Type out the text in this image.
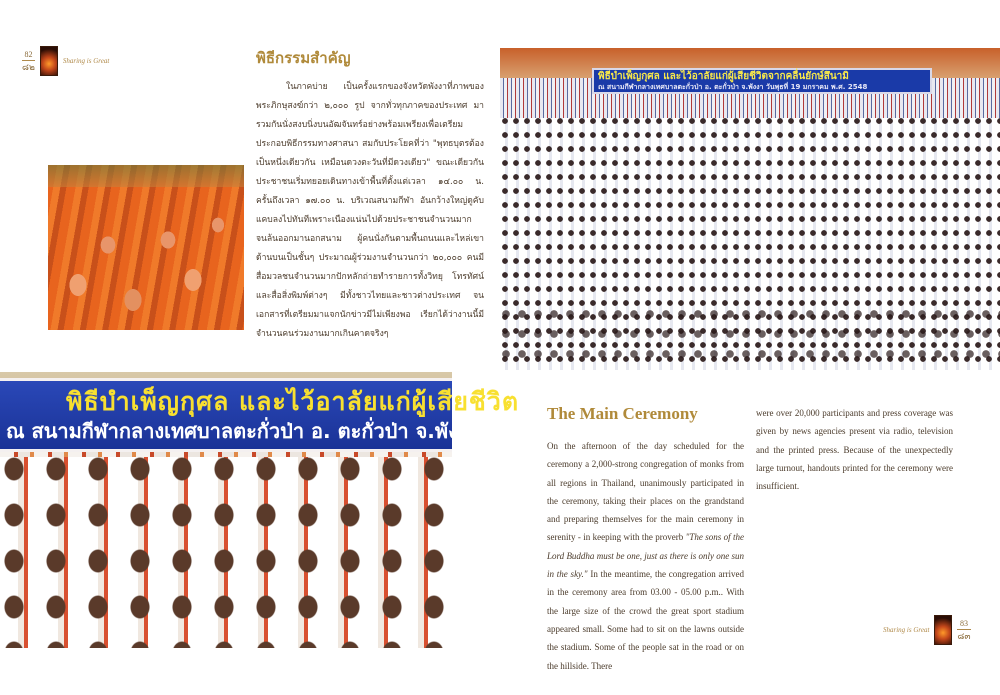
82
๘๒
Sharing is Great	พิธีกรรมสำคัญ

ในภาคบ่าย เป็นครั้งแรกของจังหวัดพังงาที่ภาพของพระภิกษุสงฆ์กว่า ๒,๐๐๐ รูป จากทั่วทุกภาคของประเทศ มารวมกันนั่งสงบนิ่งบนอัฒจันทร์อย่างพร้อมเพรียงเพื่อเตรียมประกอบพิธีกรรมทางศาสนา สมกับประโยคที่ว่า "พุทธบุตรต้องเป็นหนึ่งเดียวกัน เหมือนดวงตะวันที่มีดวงเดียว" ขณะเดียวกันประชาชนเริ่มทยอยเดินทางเข้าพื้นที่ตั้งแต่เวลา ๑๔.๐๐ น. ครั้นถึงเวลา ๑๗.๐๐ น. บริเวณสนามกีฬา อันกว้างใหญ่ดูคับแคบลงไปทันทีเพราะเนืองแน่นไปด้วยประชาชนจำนวนมาก จนล้นออกมานอกสนาม ผู้คนนั่งกันตามพื้นถนนและไหล่เขาด้านบนเป็นชั้นๆ ประมาณผู้ร่วมงานจำนวนกว่า ๒๐,๐๐๐ คนมีสื่อมวลชนจำนวนมากปักหลักถ่ายทำรายการทั้งวิทยุ โทรทัศน์ และสื่อสิ่งพิมพ์ต่างๆ มีทั้งชาวไทยและชาวต่างประเทศ จนเอกสารที่เตรียมมาแจกนักข่าวมีไม่เพียงพอ เรียกได้ว่างานนี้มีจำนวนคนร่วมงานมากเกินคาดจริงๆ

พิธีบำเพ็ญกุศล และไว้อาลัยแก่ผู้เสียชีวิต
ณ สนามกีฬากลางเทศบาลตะกั่วป่า อ. ตะกั่วป่า จ.พังงา วั
พิธีบำเพ็ญกุศล และไว้อาลัยแก่ผู้เสียชีวิตจากคลื่นยักษ์สึนามิ
ณ สนามกีฬากลางเทศบาลตะกั่วป่า อ. ตะกั่วป่า จ.พังงา วันพุธที่ 19 มกราคม พ.ศ. 2548
The Main Ceremony
On the afternoon of the day scheduled for the ceremony a 2,000-strong congregation of monks from all regions in Thailand, unanimously participated in the ceremony, taking their places on the grandstand and preparing themselves for the main ceremony in serenity - in keeping with the proverb "The sons of the Lord Buddha must be one, just as there is only one sun in the sky." In the meantime, the congregation arrived in the ceremony area from 03.00 - 05.00 p.m.. With the large size of the crowd the great sport stadium appeared small. Some had to sit on the lawns outside the stadium. Some of the people sat in the road or on the hillside. There
were over 20,000 participants and press coverage was given by news agencies present via radio, television and the printed press. Because of the unexpectedly large turnout, handouts printed for the ceremony were insufficient.
Sharing is Great
83
๘๓
